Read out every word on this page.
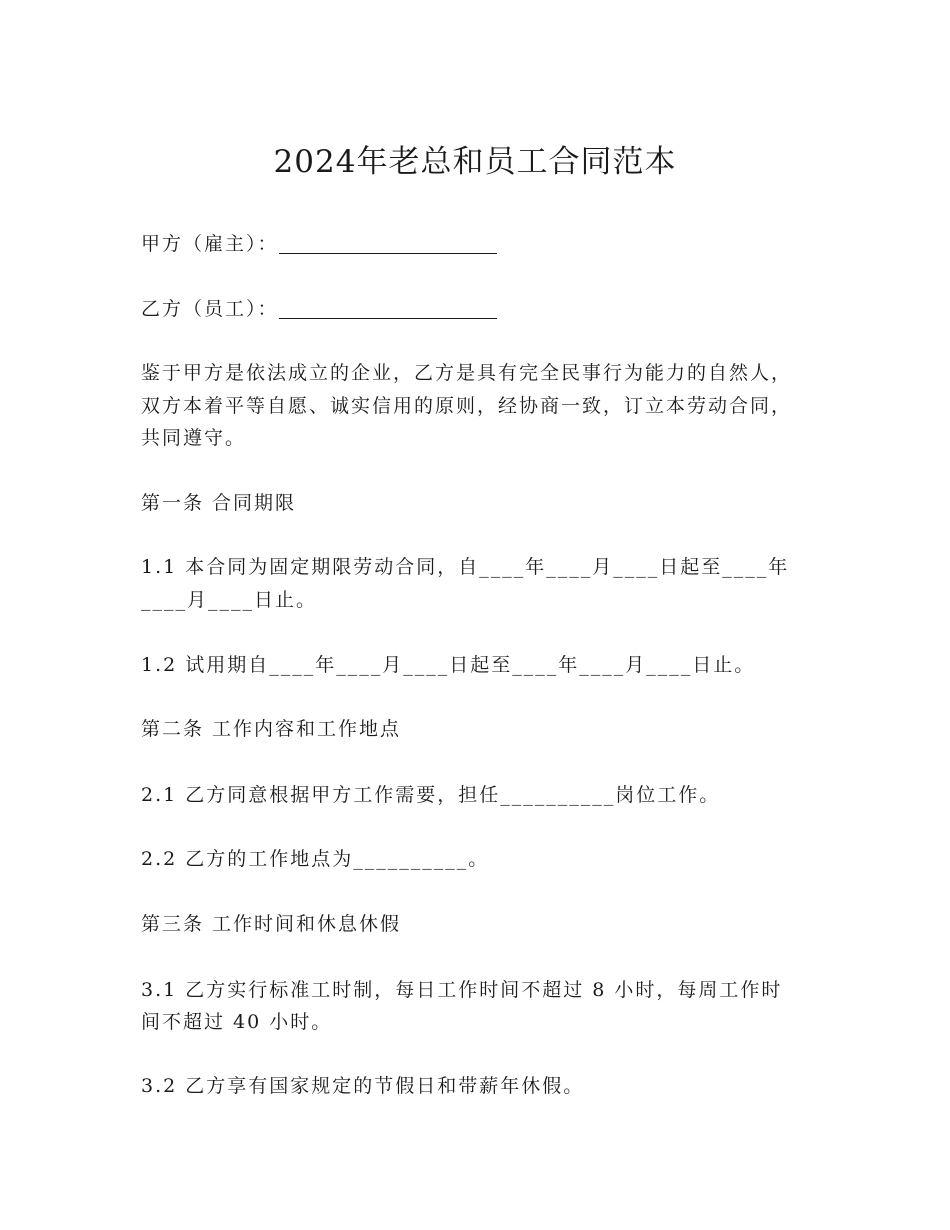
2024年老总和员工合同范本

甲方（雇主）：

乙方（员工）：

鉴于甲方是依法成立的企业，乙方是具有完全民事行为能力的自然人，

双方本着平等自愿、诚实信用的原则，经协商一致，订立本劳动合同，

共同遵守。

第一条 合同期限

1.1 本合同为固定期限劳动合同，自____年____月____日起至____年

____月____日止。

1.2 试用期自____年____月____日起至____年____月____日止。

第二条 工作内容和工作地点

2.1 乙方同意根据甲方工作需要，担任__________岗位工作。

2.2 乙方的工作地点为__________。

第三条 工作时间和休息休假

3.1 乙方实行标准工时制，每日工作时间不超过 8 小时，每周工作时

间不超过 40 小时。

3.2 乙方享有国家规定的节假日和带薪年休假。
